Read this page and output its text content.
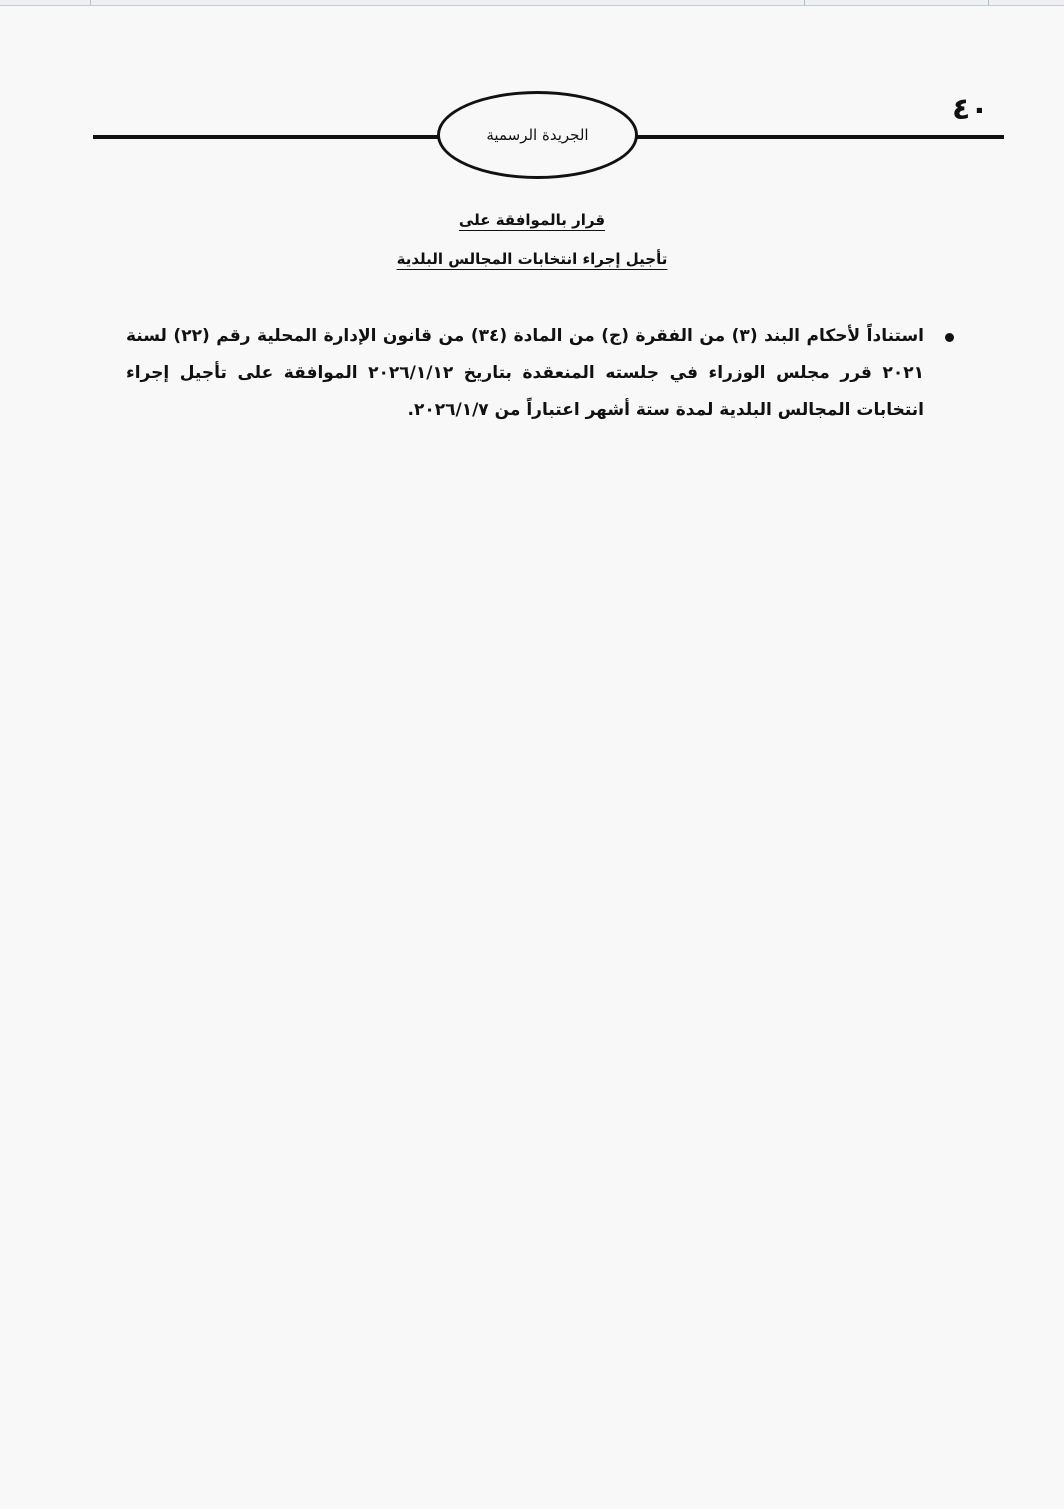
٤٠
الجريدة الرسمية
قرار بالموافقة على
تأجيل إجراء انتخابات المجالس البلدية
استناداً لأحكام البند (٣) من الفقرة (ج) من المادة (٣٤) من قانون الإدارة المحلية رقم (٢٢) لسنة ٢٠٢١ قرر مجلس الوزراء في جلسته المنعقدة بتاريخ ٢٠٢٦/١/١٢ الموافقة على تأجيل إجراء انتخابات المجالس البلدية لمدة ستة أشهر اعتباراً من ٢٠٢٦/١/٧.
